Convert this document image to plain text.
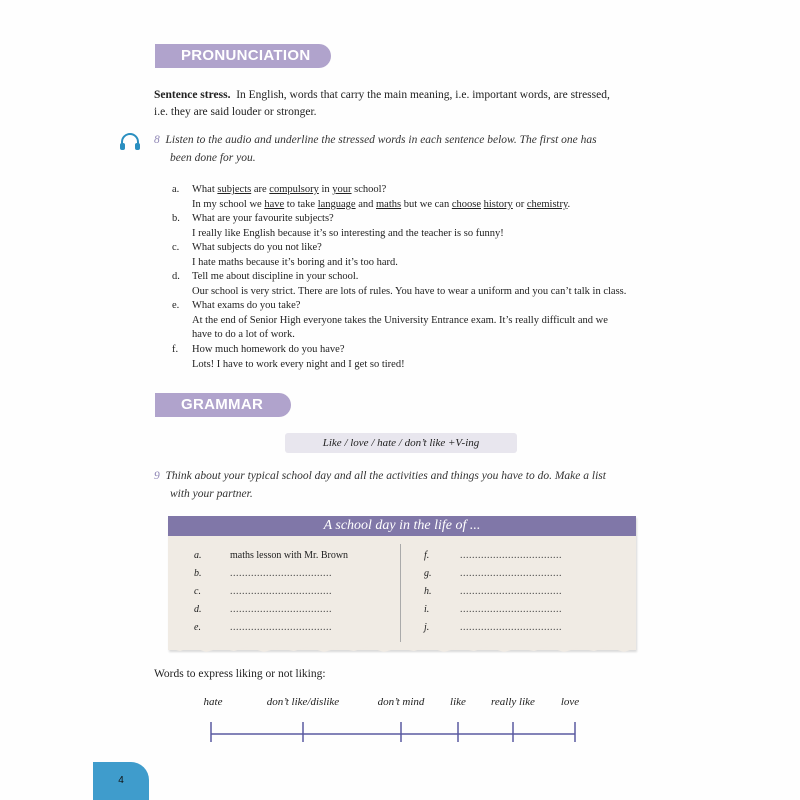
PRONUNCIATION
Sentence stress. In English, words that carry the main meaning, i.e. important words, are stressed,
i.e. they are said louder or stronger.
8 Listen to the audio and underline the stressed words in each sentence below. The first one has
been done for you.
a. What subjects are compulsory in your school?
In my school we have to take language and maths but we can choose history or chemistry.
b. What are your favourite subjects?
I really like English because it’s so interesting and the teacher is so funny!
c. What subjects do you not like?
I hate maths because it’s boring and it’s too hard.
d. Tell me about discipline in your school.
Our school is very strict. There are lots of rules. You have to wear a uniform and you can’t talk in class.
e. What exams do you take?
At the end of Senior High everyone takes the University Entrance exam. It’s really difficult and we
have to do a lot of work.
f. How much homework do you have?
Lots! I have to work every night and I get so tired!
GRAMMAR
Like / love / hate / don’t like +V-ing
9 Think about your typical school day and all the activities and things you have to do. Make a list
with your partner.
A school day in the life of ...
a.	maths lesson with Mr. Brown
b.	..................................
c.	..................................
d.	..................................
e.	..................................
f.	..................................
g.	..................................
h.	..................................
i.	..................................
j.	..................................
Words to express liking or not liking:
hate	don’t like/dislike	don’t mind like really like love
4
